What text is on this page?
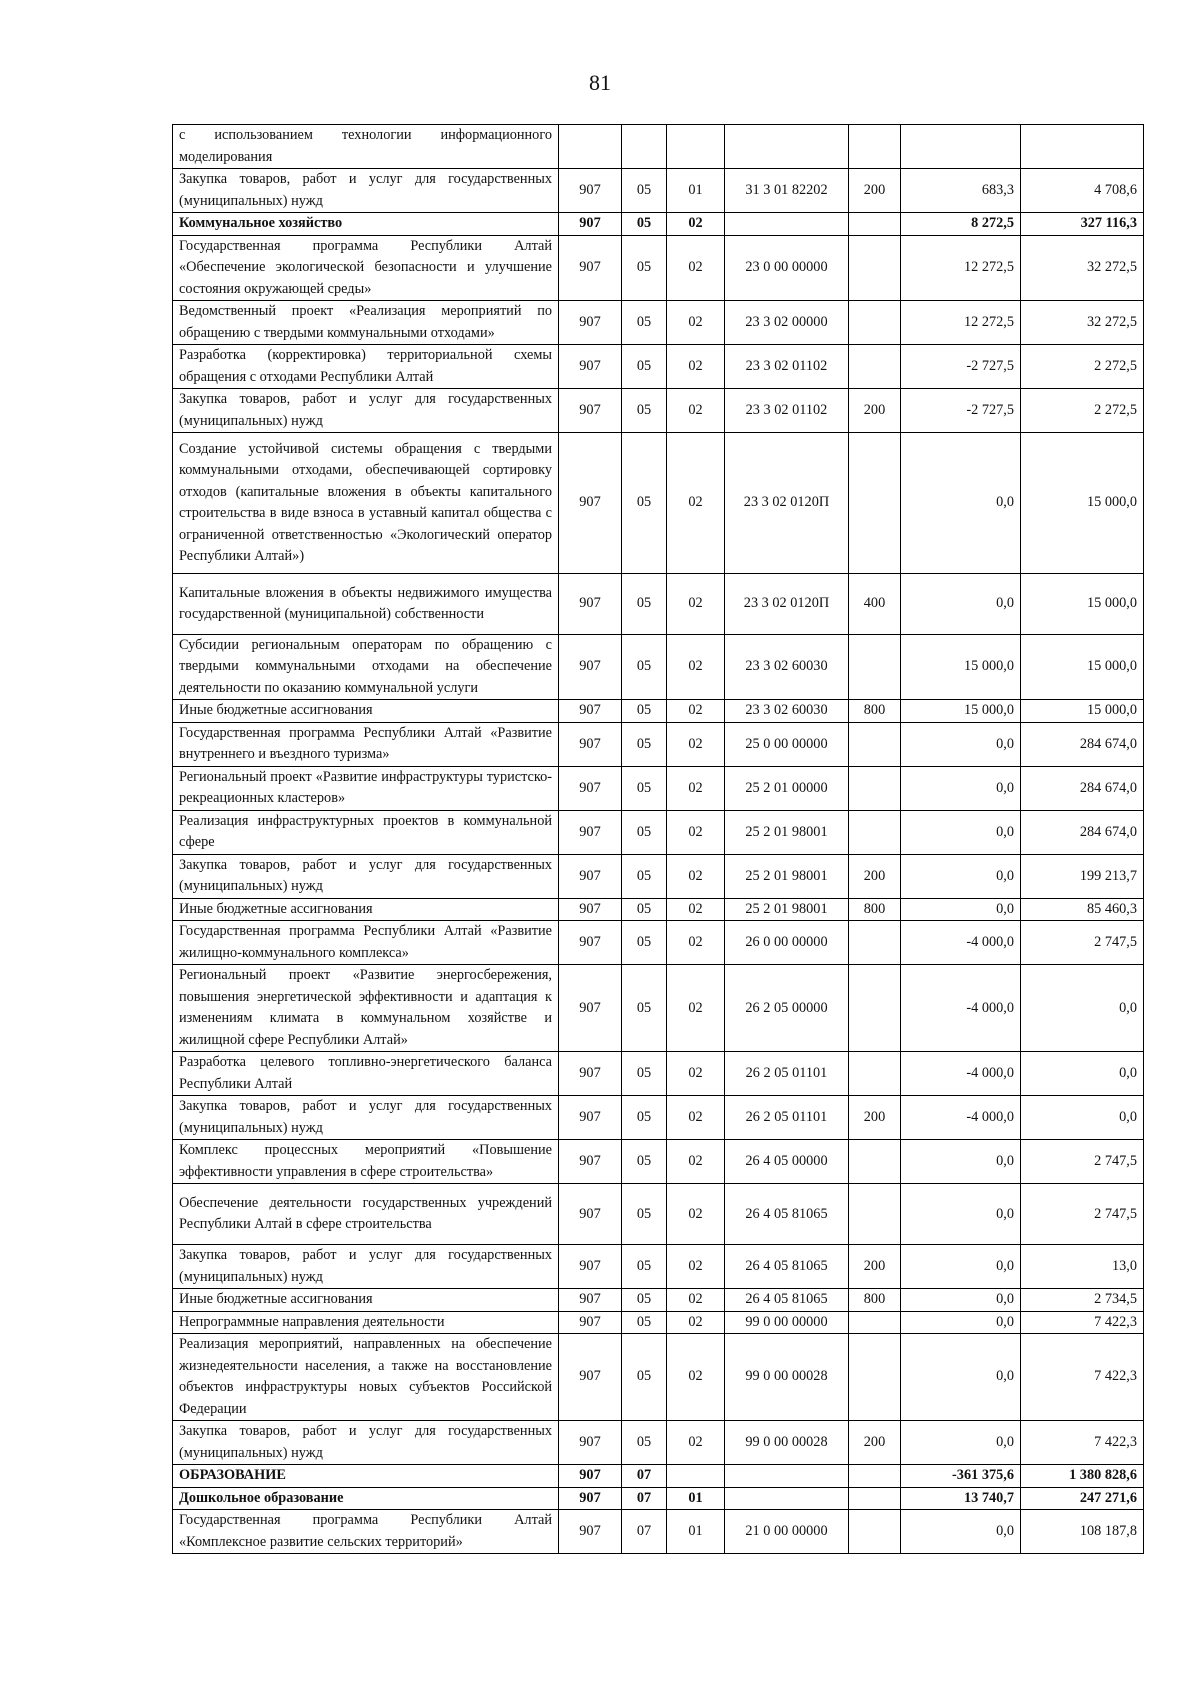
81
с использованием технологии информационного моделирования							
Закупка товаров, работ и услуг для государственных (муниципальных) нужд	907	05	01	31 3 01 82202	200	683,3	4 708,6
Коммунальное хозяйство	907	05	02			8 272,5	327 116,3
Государственная программа Республики Алтай «Обеспечение экологической безопасности и улучшение состояния окружающей среды»	907	05	02	23 0 00 00000		12 272,5	32 272,5
Ведомственный проект «Реализация мероприятий по обращению с твердыми коммунальными отходами»	907	05	02	23 3 02 00000		12 272,5	32 272,5
Разработка (корректировка) территориальной схемы обращения с отходами Республики Алтай	907	05	02	23 3 02 01102		-2 727,5	2 272,5
Закупка товаров, работ и услуг для государственных (муниципальных) нужд	907	05	02	23 3 02 01102	200	-2 727,5	2 272,5
Создание устойчивой системы обращения с твердыми коммунальными отходами, обеспечивающей сортировку отходов (капитальные вложения в объекты капитального строительства в виде взноса в уставный капитал общества с ограниченной ответственностью «Экологический оператор Республики Алтай»)	907	05	02	23 3 02 0120П		0,0	15 000,0
Капитальные вложения в объекты недвижимого имущества государственной (муниципальной) собственности	907	05	02	23 3 02 0120П	400	0,0	15 000,0
Субсидии региональным операторам по обращению с твердыми коммунальными отходами на обеспечение деятельности по оказанию коммунальной услуги	907	05	02	23 3 02 60030		15 000,0	15 000,0
Иные бюджетные ассигнования	907	05	02	23 3 02 60030	800	15 000,0	15 000,0
Государственная программа Республики Алтай «Развитие внутреннего и въездного туризма»	907	05	02	25 0 00 00000		0,0	284 674,0
Региональный проект «Развитие инфраструктуры туристско-рекреационных кластеров»	907	05	02	25 2 01 00000		0,0	284 674,0
Реализация инфраструктурных проектов в коммунальной сфере	907	05	02	25 2 01 98001		0,0	284 674,0
Закупка товаров, работ и услуг для государственных (муниципальных) нужд	907	05	02	25 2 01 98001	200	0,0	199 213,7
Иные бюджетные ассигнования	907	05	02	25 2 01 98001	800	0,0	85 460,3
Государственная программа Республики Алтай «Развитие жилищно-коммунального комплекса»	907	05	02	26 0 00 00000		-4 000,0	2 747,5
Региональный проект «Развитие энергосбережения, повышения энергетической эффективности и адаптация к изменениям климата в коммунальном хозяйстве и жилищной сфере Республики Алтай»	907	05	02	26 2 05 00000		-4 000,0	0,0
Разработка целевого топливно-энергетического баланса Республики Алтай	907	05	02	26 2 05 01101		-4 000,0	0,0
Закупка товаров, работ и услуг для государственных (муниципальных) нужд	907	05	02	26 2 05 01101	200	-4 000,0	0,0
Комплекс процессных мероприятий «Повышение эффективности управления в сфере строительства»	907	05	02	26 4 05 00000		0,0	2 747,5
Обеспечение деятельности государственных учреждений Республики Алтай в сфере строительства	907	05	02	26 4 05 81065		0,0	2 747,5
Закупка товаров, работ и услуг для государственных (муниципальных) нужд	907	05	02	26 4 05 81065	200	0,0	13,0
Иные бюджетные ассигнования	907	05	02	26 4 05 81065	800	0,0	2 734,5
Непрограммные направления деятельности	907	05	02	99 0 00 00000		0,0	7 422,3
Реализация мероприятий, направленных на обеспечение жизнедеятельности населения, а также на восстановление объектов инфраструктуры новых субъектов Российской Федерации	907	05	02	99 0 00 00028		0,0	7 422,3
Закупка товаров, работ и услуг для государственных (муниципальных) нужд	907	05	02	99 0 00 00028	200	0,0	7 422,3
ОБРАЗОВАНИЕ	907	07				-361 375,6	1 380 828,6
Дошкольное образование	907	07	01			13 740,7	247 271,6
Государственная программа Республики Алтай «Комплексное развитие сельских территорий»	907	07	01	21 0 00 00000		0,0	108 187,8
